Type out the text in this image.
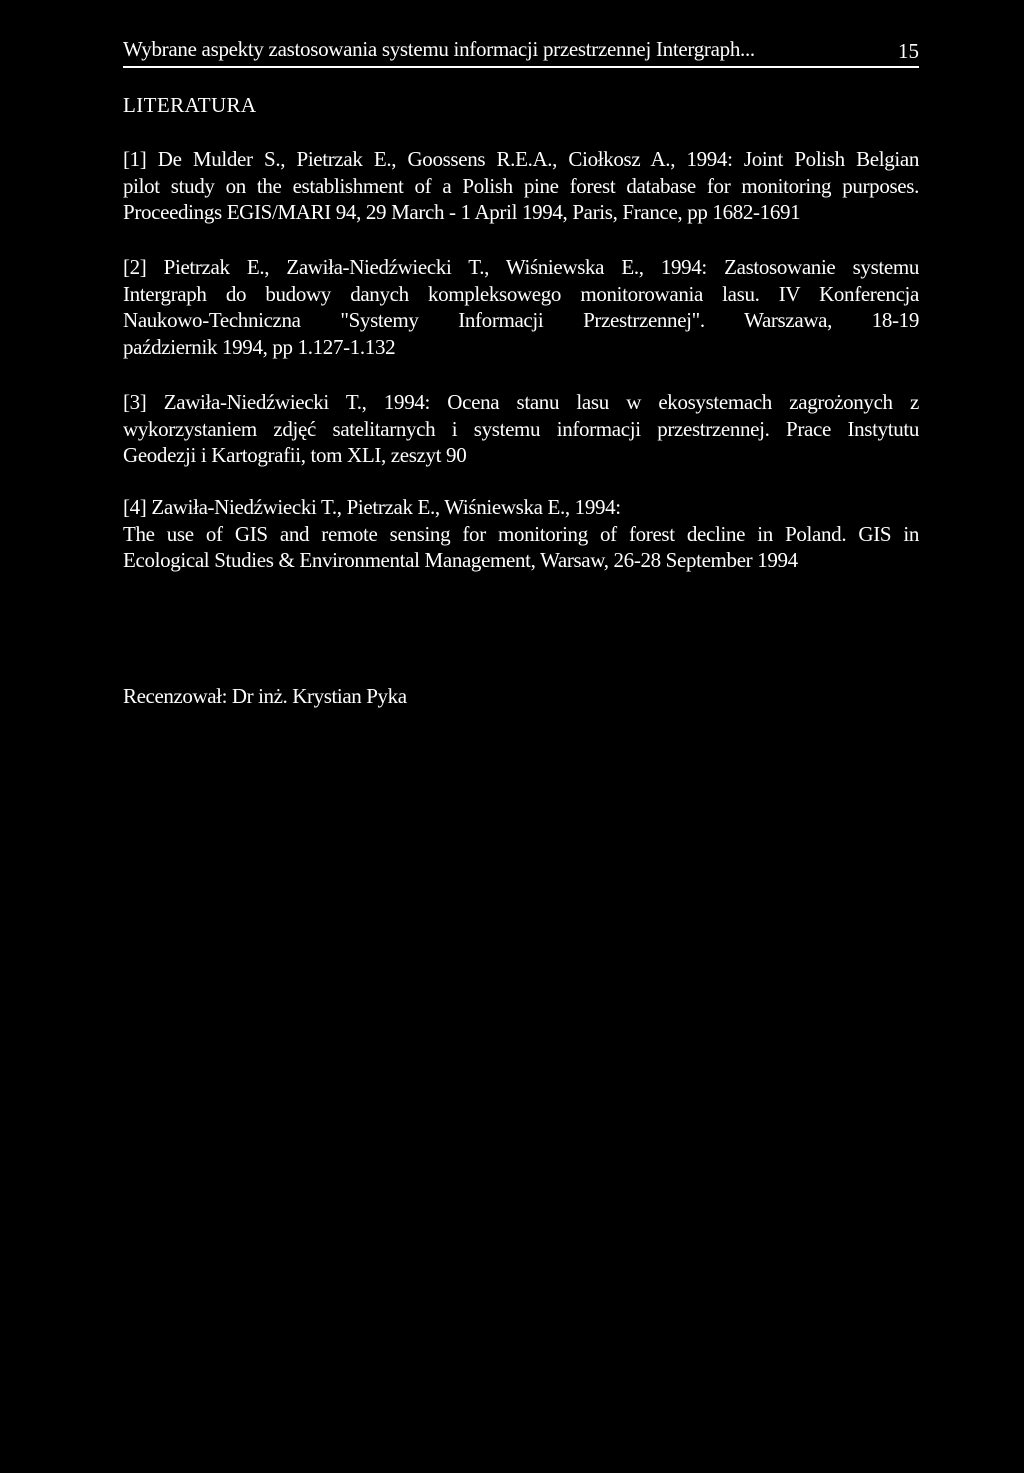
Wybrane aspekty zastosowania systemu informacji przestrzennej Intergraph...	15
LITERATURA
[1] De Mulder S., Pietrzak E., Goossens R.E.A., Ciołkosz A., 1994: Joint Polish Belgian
pilot study on the establishment of a Polish pine forest database for monitoring purposes.
Proceedings EGIS/MARI 94, 29 March - 1 April 1994, Paris, France, pp 1682-1691
[2] Pietrzak E., Zawiła-Niedźwiecki T., Wiśniewska E., 1994: Zastosowanie systemu
Intergraph do budowy danych kompleksowego monitorowania lasu. IV Konferencja
Naukowo-Techniczna "Systemy Informacji Przestrzennej". Warszawa, 18-19
październik 1994, pp 1.127-1.132
[3] Zawiła-Niedźwiecki T., 1994: Ocena stanu lasu w ekosystemach zagrożonych z
wykorzystaniem zdjęć satelitarnych i systemu informacji przestrzennej. Prace Instytutu
Geodezji i Kartografii, tom XLI, zeszyt 90
[4] Zawiła-Niedźwiecki T., Pietrzak E., Wiśniewska E., 1994:
The use of GIS and remote sensing for monitoring of forest decline in Poland. GIS in
Ecological Studies & Environmental Management, Warsaw, 26-28 September 1994
Recenzował: Dr inż. Krystian Pyka
